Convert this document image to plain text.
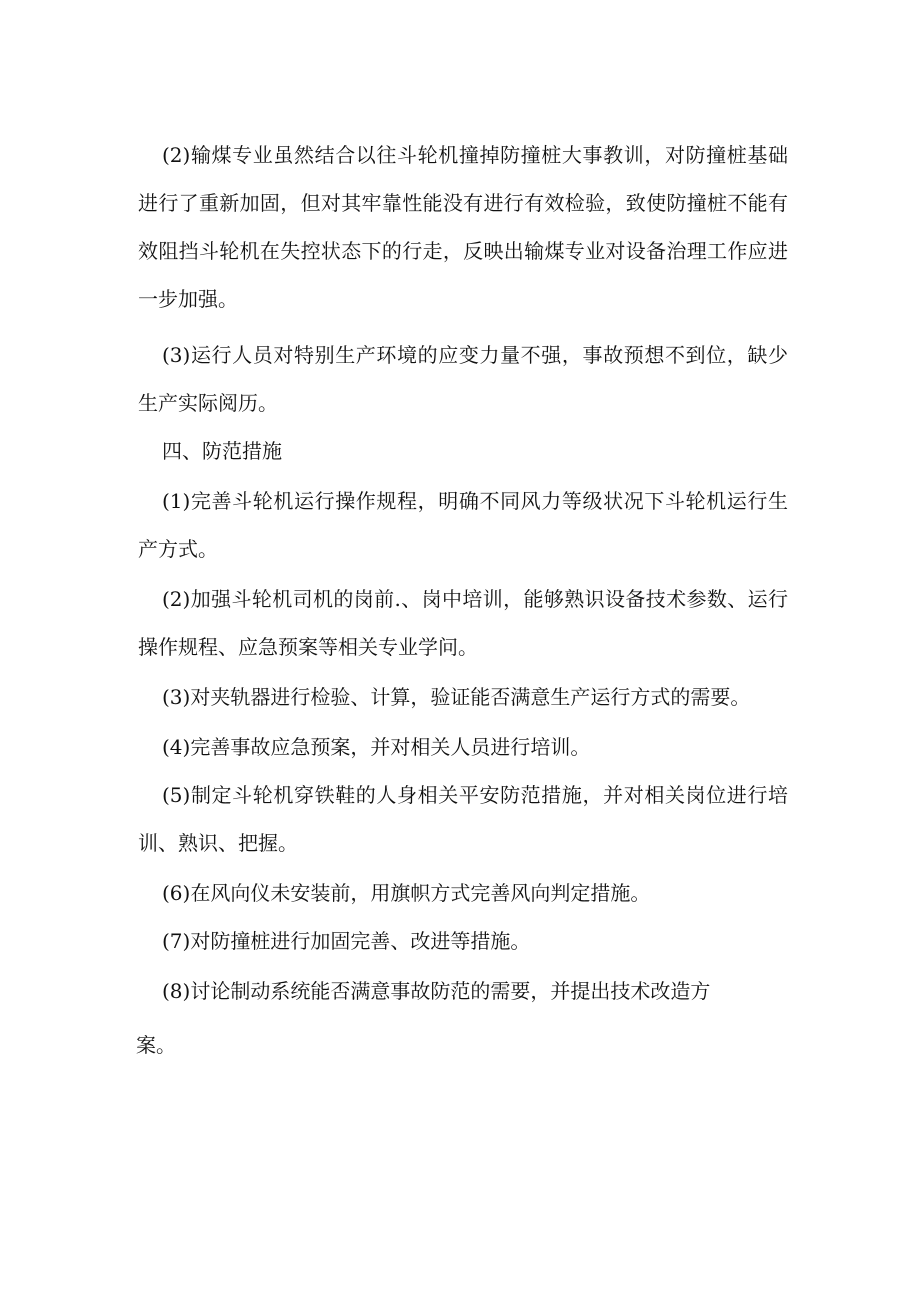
(2)输煤专业虽然结合以往斗轮机撞掉防撞桩大事教训，对防撞桩基础进行了重新加固，但对其牢靠性能没有进行有效检验，致使防撞桩不能有效阻挡斗轮机在失控状态下的行走，反映出输煤专业对设备治理工作应进一步加强。

(3)运行人员对特别生产环境的应变力量不强，事故预想不到位，缺少生产实际阅历。

四、防范措施

(1)完善斗轮机运行操作规程，明确不同风力等级状况下斗轮机运行生产方式。

(2)加强斗轮机司机的岗前.、岗中培训，能够熟识设备技术参数、运行操作规程、应急预案等相关专业学问。

(3)对夹轨器进行检验、计算，验证能否满意生产运行方式的需要。

(4)完善事故应急预案，并对相关人员进行培训。

(5)制定斗轮机穿铁鞋的人身相关平安防范措施，并对相关岗位进行培训、熟识、把握。

(6)在风向仪未安装前，用旗帜方式完善风向判定措施。

(7)对防撞桩进行加固完善、改进等措施。

(8)讨论制动系统能否满意事故防范的需要，并提出技术改造方

案。
